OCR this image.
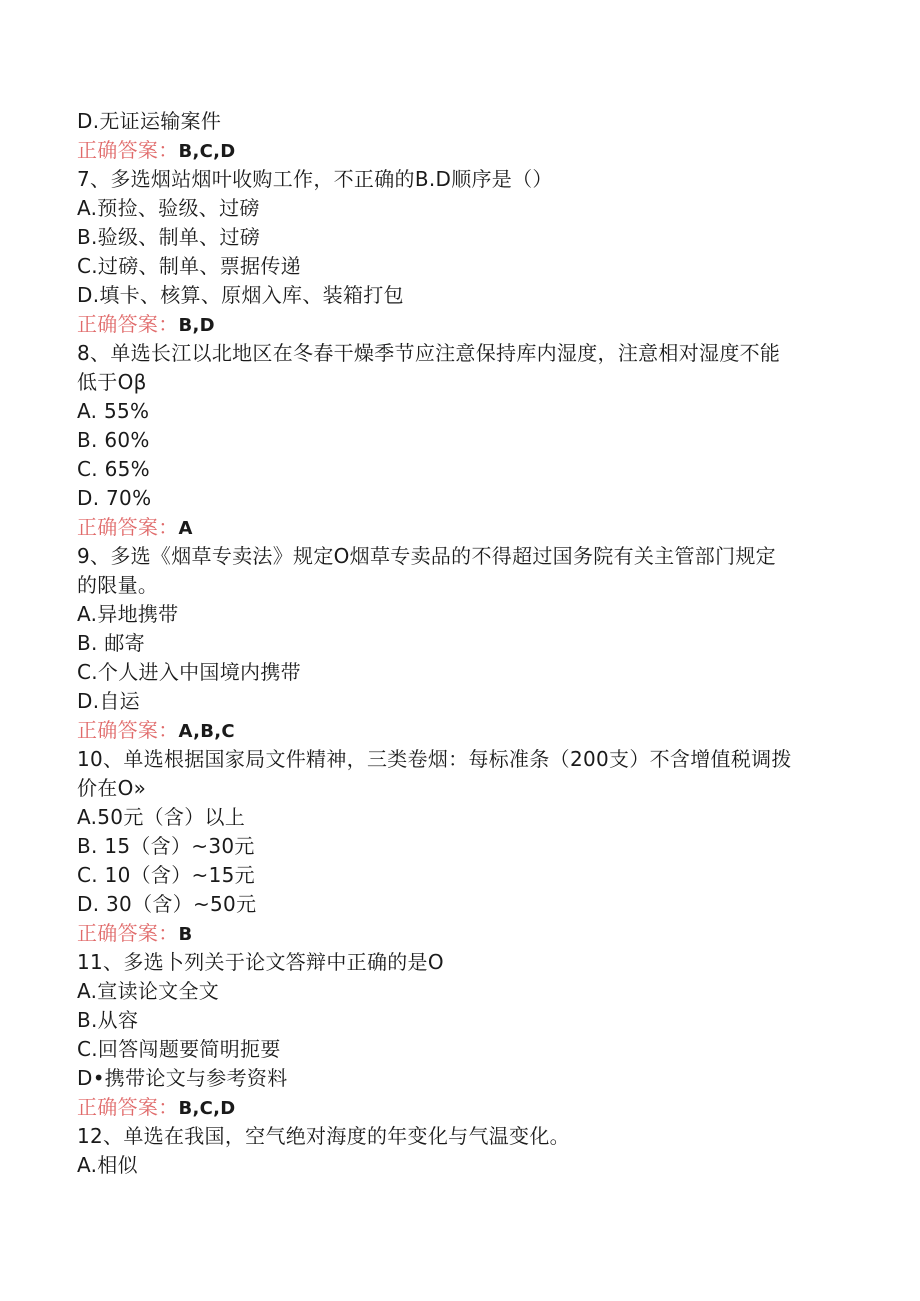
D.无证运输案件
正确答案：B,C,D
7、多选烟站烟叶收购工作，不正确的B.D顺序是（）
A.预捡、验级、过磅
B.验级、制单、过磅
C.过磅、制单、票据传递
D.填卡、核算、原烟入库、装箱打包
正确答案：B,D
8、单选长江以北地区在冬春干燥季节应注意保持库内湿度，注意相对湿度不能
低于Oβ
A. 55%
B. 60%
C. 65%
D. 70%
正确答案：A
9、多选《烟草专卖法》规定O烟草专卖品的不得超过国务院有关主管部门规定
的限量。
A.异地携带
B. 邮寄
C.个人进入中国境内携带
D.自运
正确答案：A,B,C
10、单选根据国家局文件精神，三类卷烟：每标准条（200支）不含增值税调拨
价在O»
A.50元（含）以上
B. 15（含）~30元
C. 10（含）~15元
D. 30（含）~50元
正确答案：B
11、多选卜列关于论文答辩中正确的是O
A.宣读论文全文
B.从容
C.回答闯题要简明扼要
D•携带论文与参考资料
正确答案：B,C,D
12、单选在我国，空气绝对海度的年变化与气温变化。
A.相似
